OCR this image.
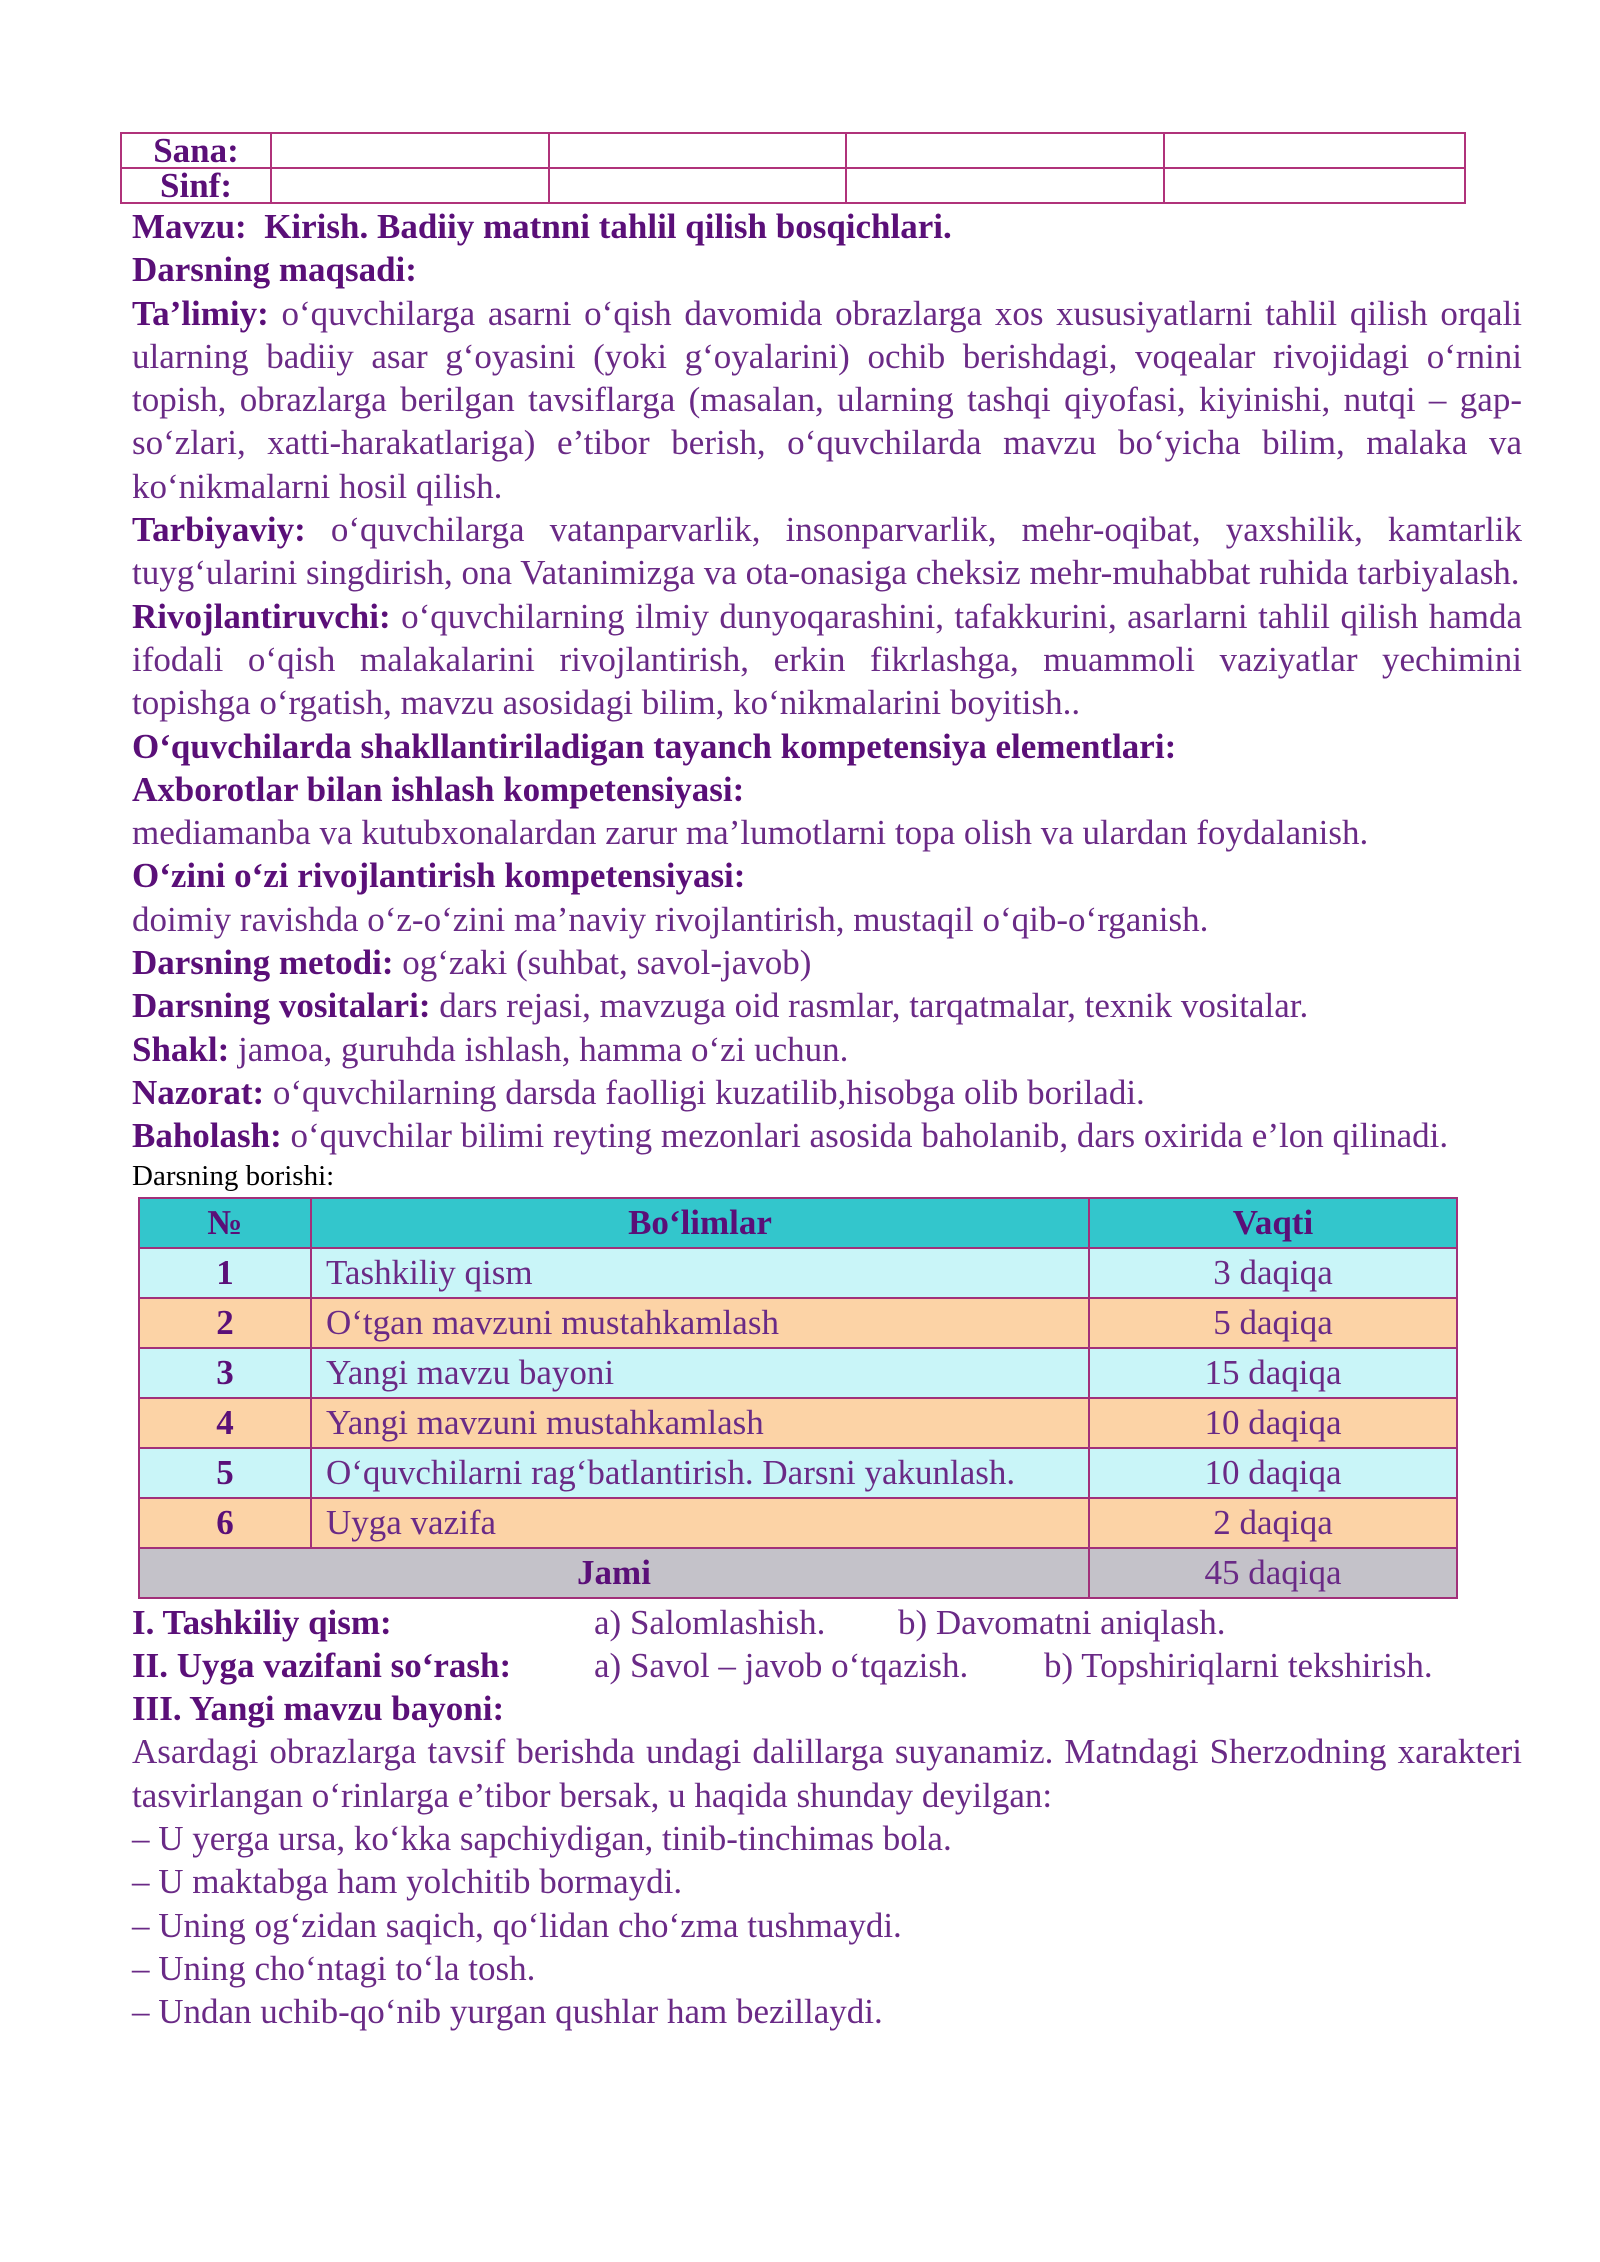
Sana:				
Sinf:				

Mavzu: Kirish. Badiiy matnni tahlil qilish bosqichlari.

Darsning maqsadi:

Ta’limiy: o‘quvchilarga asarni o‘qish davomida obrazlarga xos xususiyatlarni tahlil qilish orqali ularning badiiy asar g‘oyasini (yoki g‘oyalarini) ochib berishdagi, voqealar rivojidagi o‘rnini topish, obrazlarga berilgan tavsiflarga (masalan, ularning tashqi qiyofasi, kiyinishi, nutqi – gap-so‘zlari, xatti-harakatlariga) e’tibor berish, o‘quvchilarda mavzu bo‘yicha bilim, malaka va ko‘nikmalarni hosil qilish.

Tarbiyaviy: o‘quvchilarga vatanparvarlik, insonparvarlik, mehr-oqibat, yaxshilik, kamtarlik tuyg‘ularini singdirish, ona Vatanimizga va ota-onasiga cheksiz mehr-muhabbat ruhida tarbiyalash.

Rivojlantiruvchi: o‘quvchilarning ilmiy dunyoqarashini, tafakkurini, asarlarni tahlil qilish hamda ifodali o‘qish malakalarini rivojlantirish, erkin fikrlashga, muammoli vaziyatlar yechimini topishga o‘rgatish, mavzu asosidagi bilim, ko‘nikmalarini boyitish..

O‘quvchilarda shakllantiriladigan tayanch kompetensiya elementlari:

Axborotlar bilan ishlash kompetensiyasi:

mediamanba va kutubxonalardan zarur ma’lumotlarni topa olish va ulardan foydalanish.

O‘zini o‘zi rivojlantirish kompetensiyasi:

doimiy ravishda o‘z-o‘zini ma’naviy rivojlantirish, mustaqil o‘qib-o‘rganish.

Darsning metodi: og‘zaki (suhbat, savol-javob)

Darsning vositalari: dars rejasi, mavzuga oid rasmlar, tarqatmalar, texnik vositalar.

Shakl: jamoa, guruhda ishlash, hamma o‘zi uchun.

Nazorat: o‘quvchilarning darsda faolligi kuzatilib,hisobga olib boriladi.

Baholash: o‘quvchilar bilimi reyting mezonlari asosida baholanib, dars oxirida e’lon qilinadi.

Darsning borishi:

№	Bo‘limlar	Vaqti
1	Tashkiliy qism	3 daqiqa
2	O‘tgan mavzuni mustahkamlash	5 daqiqa
3	Yangi mavzu bayoni	15 daqiqa
4	Yangi mavzuni mustahkamlash	10 daqiqa
5	O‘quvchilarni rag‘batlantirish. Darsni yakunlash.	10 daqiqa
6	Uyga vazifa	2 daqiqa
Jami		45 daqiqa
I. Tashkiliy qism:	a) Salomlashish.	b) Davomatni aniqlash.
II. Uyga vazifani so‘rash:	a) Savol – javob o‘tqazish.	b) Topshiriqlarni tekshirish.

III. Yangi mavzu bayoni:

Asardagi obrazlarga tavsif berishda undagi dalillarga suyanamiz. Matndagi Sherzodning xarakteri tasvirlangan o‘rinlarga e’tibor bersak, u haqida shunday deyilgan:

– U yerga ursa, ko‘kka sapchiydigan, tinib-tinchimas bola.

– U maktabga ham yolchitib bormaydi.

– Uning og‘zidan saqich, qo‘lidan cho‘zma tushmaydi.

– Uning cho‘ntagi to‘la tosh.

– Undan uchib-qo‘nib yurgan qushlar ham bezillaydi.
